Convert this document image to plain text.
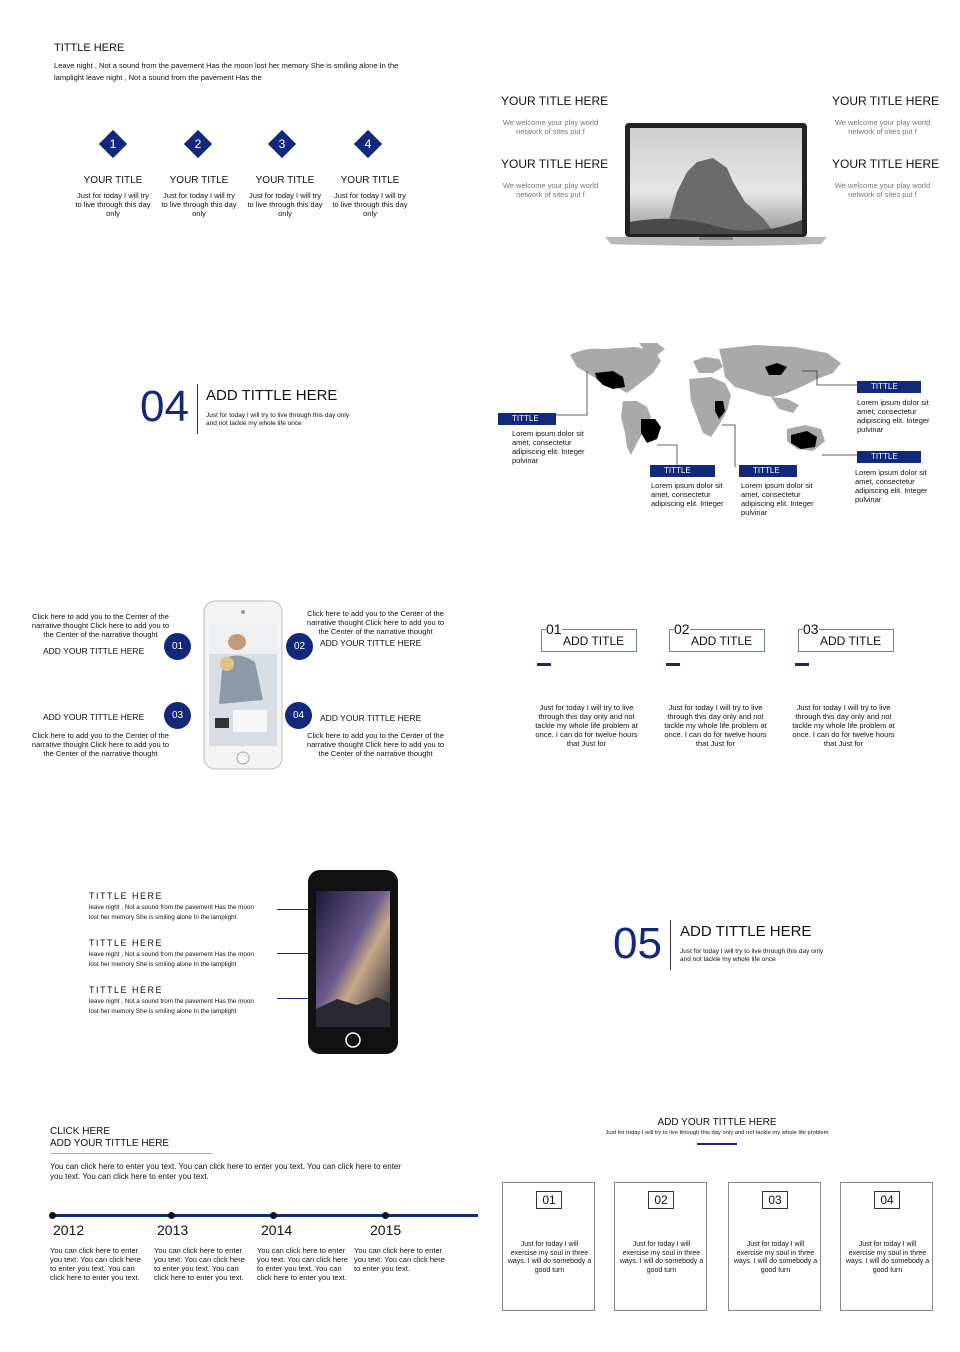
TITTLE HERE
Leave night , Not a sound from the pavement Has the moon lost her memory She is smiling alone In the lamplight leave night , Not a sound from the pavement Has the
1	2	3	4
YOUR TITLE	YOUR TITLE	YOUR TITLE	YOUR TITLE
Just for today I will try to live through this day only
Just for today I will try to live through this day only
Just for today I will try to live through this day only
Just for today I will try to live through this day only
YOUR TITLE HERE
We welcome your play world network of sites put f
YOUR TITLE HERE
We welcome your play world network of sites put f
YOUR TITLE HERE
We welcome your play world network of sites put f
YOUR TITLE HERE
We welcome your play world network of sites put f
04 ADD TITTLE HERE
Just for today I will try to live through this day only and not tackle my whole life once	TITTLE
Lorem ipsum dolor sit amet, consectetur adipiscing elit. Integer pulvinar
TITTLE
Lorem ipsum dolor sit amet, consectetur adipiscing elit. Integer
TITTLE
Lorem ipsum dolor sit amet, consectetur adipiscing elit. Integer pulvinar
TITTLE
Lorem ipsum dolor sit amet, consectetur adipiscing elit. Integer pulvinar
TITTLE
Lorem ipsum dolor sit amet, consectetur adipiscing elit. Integer pulvinar
Click here to add you to the Center of the narrative thought Click here to add you to the Center of the narrative thought
ADD YOUR TITTLE HERE
ADD YOUR TITTLE HERE
Click here to add you to the Center of the narrative thought Click here to add you to the Center of the narrative thought
Click here to add you to the Center of the narrative thought Click here to add you to the Center of the narrative thought
ADD YOUR TITTLE HERE
ADD YOUR TITTLE HERE
Click here to add you to the Center of the narrative thought Click here to add you to the Center of the narrative thought
01	02
03	04
01
ADD TITLE
Just for today I will try to live through this day only and not tackle my whole life problem at once. I can do for twelve hours that Just for
02
ADD TITLE
Just for today I will try to live through this day only and not tackle my whole life problem at once. I can do for twelve hours that Just for
03
ADD TITLE
Just for today I will try to live through this day only and not tackle my whole life problem at once. I can do for twelve hours that Just for
TITTLE HERE
leave night , Not a sound from the pavement Has the moon lost her memory She is smiling alone In the lamplight
TITTLE HERE
leave night , Not a sound from the pavement Has the moon lost her memory She is smiling alone In the lamplight
TITTLE HERE
leave night , Not a sound from the pavement Has the moon lost her memory She is smiling alone In the lamplight
05 ADD TITTLE HERE
Just for today I will try to live through this day only and not tackle my whole life once
CLICK HERE
ADD YOUR TITTLE HERE
You can click here to enter you text. You can click here to enter you text. You can click here to enter you text. You can click here to enter you text.
2012	2013	2014	2015
You can click here to enter you text. You can click here to enter you text. You can click here to enter you text.
You can click here to enter you text. You can click here to enter you text. You can click here to enter you text.
You can click here to enter you text. You can click here to enter you text. You can click here to enter you text.
You can click here to enter you text. You can click here to enter you text.
ADD YOUR TITTLE HERE
Just for today I will try to live through this day only and not tackle my whole life problem
01
Just for today I will exercise my soul in three ways. I will do somebody a good turn
02
Just for today I will exercise my soul in three ways. I will do somebody a good turn
03
Just for today I will exercise my soul in three ways. I will do somebody a good turn
04
Just for today I will exercise my soul in three ways. I will do somebody a good turn
